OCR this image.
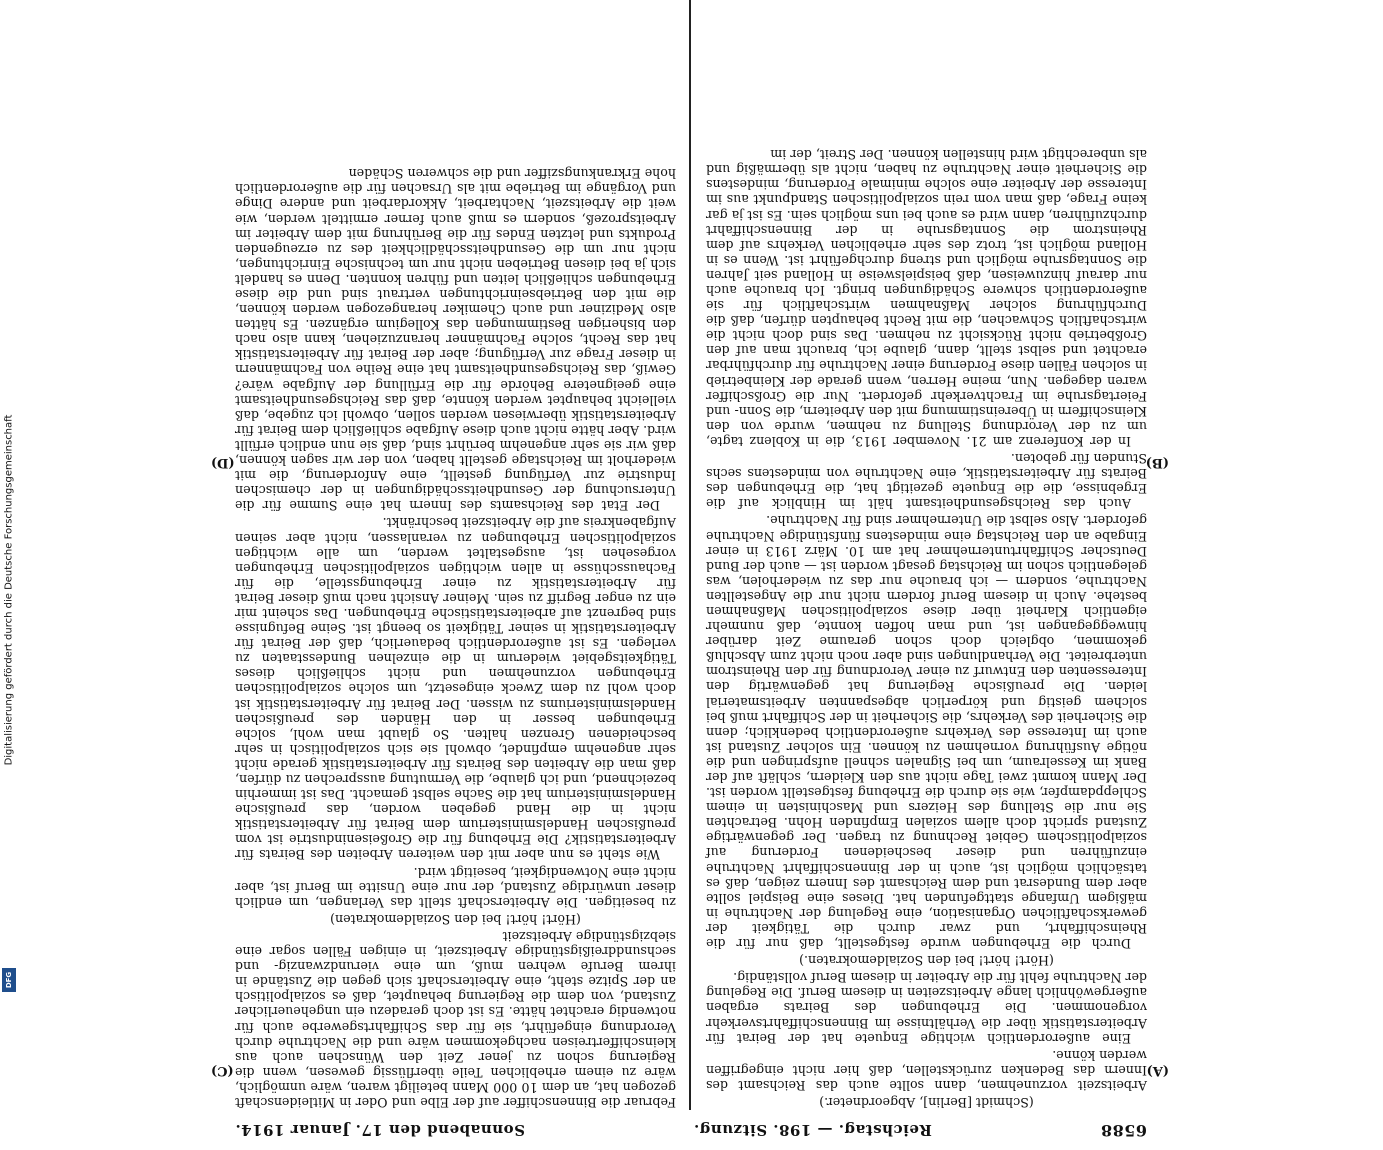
Digitalisierung gefördert durch die Deutsche Forschungsgemeinschaft
DFG
6588
Reichstag. — 198. Sitzung.
Sonnabend den 17. Januar 1914.
(A)
(B)

(Schmidt [Berlin], Abgeordneter.)

Arbeitszeit vorzunehmen, dann sollte auch das Reichsamt des Innern das Bedenken zurückstellen, daß hier nicht eingegriffen werden könne.

Eine außerordentlich wichtige Enquete hat der Beirat für Arbeiterstatistik über die Verhältnisse im Binnenschiffahrtsverkehr vorgenommen. Die Erhebungen des Beirats ergaben außergewöhnlich lange Arbeitszeiten in diesem Beruf. Die Regelung der Nachtruhe fehlt für die Arbeiter in diesem Beruf vollständig.

(Hört! hört! bei den Sozialdemokraten.)

Durch die Erhebungen wurde festgestellt, daß nur für die Rheinschiffahrt, und zwar durch die Tätigkeit der gewerkschaftlichen Organisation, eine Regelung der Nachtruhe in mäßigem Umfange stattgefunden hat. Dieses eine Beispiel sollte aber dem Bundesrat und dem Reichsamt des Innern zeigen, daß es tatsächlich möglich ist, auch in der Binnenschiffahrt Nachtruhe einzuführen und dieser bescheidenen Forderung auf sozialpolitischem Gebiet Rechnung zu tragen. Der gegenwärtige Zustand spricht doch allem sozialen Empfinden Hohn. Betrachten Sie nur die Stellung des Heizers und Maschinisten in einem Schleppdampfer, wie sie durch die Erhebung festgestellt worden ist. Der Mann kommt zwei Tage nicht aus den Kleidern, schläft auf der Bank im Kesselraum, um bei Signalen schnell aufspringen und die nötige Ausführung vornehmen zu können. Ein solcher Zustand ist auch im Interesse des Verkehrs außerordentlich bedenklich; denn die Sicherheit des Verkehrs, die Sicherheit in der Schiffahrt muß bei solchem geistig und körperlich abgespannten Arbeitsmaterial leiden. Die preußische Regierung hat gegenwärtig den Interessenten den Entwurf zu einer Verordnung für den Rheinstrom unterbreitet. Die Verhandlungen sind aber noch nicht zum Abschluß gekommen, obgleich doch schon geraume Zeit darüber hinweggegangen ist, und man hoffen konnte, daß nunmehr eigentlich Klarheit über diese sozialpolitischen Maßnahmen bestehe. Auch in diesem Beruf fordern nicht nur die Angestellten Nachtruhe, sondern — ich brauche nur das zu wiederholen, was gelegentlich schon im Reichstag gesagt worden ist — auch der Bund Deutscher Schiffahrtunternehmer hat am 10. März 1913 in einer Eingabe an den Reichstag eine mindestens fünfstündige Nachtruhe gefordert. Also selbst die Unternehmer sind für Nachtruhe.

Auch das Reichsgesundheitsamt hält im Hinblick auf die Ergebnisse, die die Enquete gezeitigt hat, die Erhebungen des Beirats für Arbeiterstatistik, eine Nachtruhe von mindestens sechs Stunden für geboten.

In der Konferenz am 21. November 1913, die in Koblenz tagte, um zu der Verordnung Stellung zu nehmen, wurde von den Kleinschiffern in Übereinstimmung mit den Arbeitern, die Sonn- und Feiertagsruhe im Frachtverkehr gefordert. Nur die Großschiffer waren dagegen. Nun, meine Herren, wenn gerade der Kleinbetrieb in solchen Fällen diese Forderung einer Nachtruhe für durchführbar erachtet und selbst stellt, dann, glaube ich, braucht man auf den Großbetrieb nicht Rücksicht zu nehmen. Das sind doch nicht die wirtschaftlich Schwachen, die mit Recht behaupten dürfen, daß die Durchführung solcher Maßnahmen wirtschaftlich für sie außerordentlich schwere Schädigungen bringt. Ich brauche auch nur darauf hinzuweisen, daß beispielsweise in Holland seit Jahren die Sonntagsruhe möglich und streng durchgeführt ist. Wenn es in Holland möglich ist, trotz des sehr erheblichen Verkehrs auf dem Rheinstrom die Sonntagsruhe in der Binnenschiffahrt durchzuführen, dann wird es auch bei uns möglich sein. Es ist ja gar keine Frage, daß man vom rein sozialpolitischen Standpunkt aus im Interesse der Arbeiter eine solche minimale Forderung, mindestens die Sicherheit einer Nachtruhe zu haben, nicht als übermäßig und als unberechtigt wird hinstellen können. Der Streit, der im

(C)
(D)

Februar die Binnenschiffer auf der Elbe und Oder in Mitleidenschaft gezogen hat, an dem 10 000 Mann beteiligt waren, wäre unmöglich, wäre zu einem erheblichen Teile überflüssig gewesen, wenn die Regierung schon zu jener Zeit den Wünschen auch aus kleinschiffertreisen nachgekommen wäre und die Nachtruhe durch Verordnung eingeführt, sie für das Schiffahrtsgewerbe auch für notwendig erachtet hätte. Es ist doch geradezu ein ungeheuerlicher Zustand, von dem die Regierung behauptet, daß es sozialpolitisch an der Spitze steht, eine Arbeiterschaft sich gegen die Zustände in ihrem Berufe wehren muß, um eine vierundzwanzig- und sechsunddreißigstündige Arbeitszeit, in einigen Fällen sogar eine siebzigstündige Arbeitszeit

(Hört! hört! bei den Sozialdemokraten)

zu beseitigen. Die Arbeiterschaft stellt das Verlangen, um endlich dieser unwürdige Zustand, der nur eine Unsitte im Beruf ist, aber nicht eine Notwendigkeit, beseitigt wird.

Wie steht es nun aber mit den weiteren Arbeiten des Beirats für Arbeiterstatistik? Die Erhebung für die Großeisenindustrie ist vom preußischen Handelsministerium dem Beirat für Arbeiterstatistik nicht in die Hand gegeben worden, das preußische Handelsministerium hat die Sache selbst gemacht. Das ist immerhin bezeichnend, und ich glaube, die Vermutung aussprechen zu dürfen, daß man die Arbeiten des Beirats für Arbeiterstatistik gerade nicht sehr angenehm empfindet, obwohl sie sich sozialpolitisch in sehr bescheidenen Grenzen halten. So glaubt man wohl, solche Erhebungen besser in den Händen des preußischen Handelsministeriums zu wissen. Der Beirat für Arbeiterstatistik ist doch wohl zu dem Zweck eingesetzt, um solche sozialpolitischen Erhebungen vorzunehmen und nicht schließlich dieses Tätigkeitsgebiet wiederum in die einzelnen Bundesstaaten zu verlegen. Es ist außerordentlich bedauerlich, daß der Beirat für Arbeiterstatistik in seiner Tätigkeit so beengt ist. Seine Befugnisse sind begrenzt auf arbeiterstatistische Erhebungen. Das scheint mir ein zu enger Begriff zu sein. Meiner Ansicht nach muß dieser Beirat für Arbeiterstatistik zu einer Erhebungsstelle, die für Fachausschüsse in allen wichtigen sozialpolitischen Erhebungen vorgesehen ist, ausgestaltet werden, um alle wichtigen sozialpolitischen Erhebungen zu veranlassen, nicht aber seinen Aufgabenkreis auf die Arbeitszeit beschränkt.

Der Etat des Reichsamts des Innern hat eine Summe für die Untersuchung der Gesundheitsschädigungen in der chemischen Industrie zur Verfügung gestellt, eine Anforderung, die mit wiederholt im Reichstage gestellt haben, von der wir sagen können, daß wir sie sehr angenehm berührt sind, daß sie nun endlich erfüllt wird. Aber hätte nicht auch diese Aufgabe schließlich dem Beirat für Arbeiterstatistik überwiesen werden sollen, obwohl ich zugebe, daß vielleicht behauptet werden könnte, daß das Reichsgesundheitsamt eine geeignetere Behörde für die Erfüllung der Aufgabe wäre? Gewiß, das Reichsgesundheitsamt hat eine Reihe von Fachmännern in dieser Frage zur Verfügung; aber der Beirat für Arbeiterstatistik hat das Recht, solche Fachmänner heranzuziehen, kann also nach den bisherigen Bestimmungen das Kollegium ergänzen. Es hätten also Mediziner und auch Chemiker herangezogen werden können, die mit den Betriebseinrichtungen vertraut sind und die diese Erhebungen schließlich leiten und führen konnten. Denn es handelt sich ja bei diesen Betrieben nicht nur um technische Einrichtungen, nicht nur um die Gesundheitsschädlichkeit des zu erzeugenden Produkts und letzten Endes für die Berührung mit dem Arbeiter im Arbeitsprozeß, sondern es muß auch ferner ermittelt werden, wie weit die Arbeitszeit, Nachtarbeit, Akkordarbeit und andere Dinge und Vorgänge im Betriebe mit als Ursachen für die außerordentlich hohe Erkrankungsziffer und die schweren Schäden
